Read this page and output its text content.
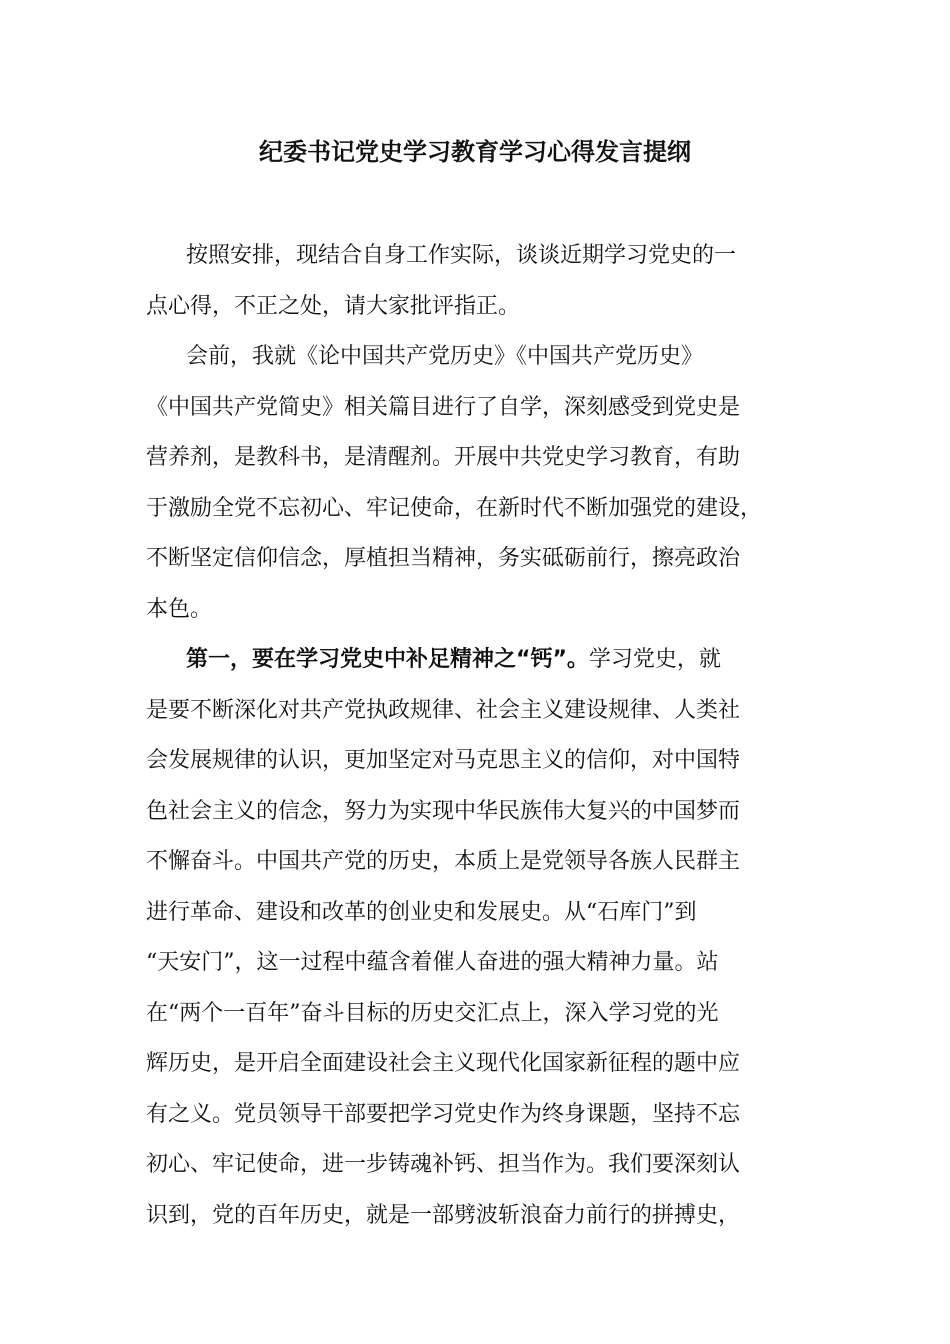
纪委书记党史学习教育学习心得发言提纲
按照安排，现结合自身工作实际，谈谈近期学习党史的一
点心得，不正之处，请大家批评指正。
会前，我就《论中国共产党历史》《中国共产党历史》
《中国共产党简史》相关篇目进行了自学，深刻感受到党史是
营养剂，是教科书，是清醒剂。开展中共党史学习教育，有助
于激励全党不忘初心、牢记使命，在新时代不断加强党的建设，
不断坚定信仰信念，厚植担当精神，务实砥砺前行，擦亮政治
本色。
第一，要在学习党史中补足精神之“钙”。学习党史，就
是要不断深化对共产党执政规律、社会主义建设规律、人类社
会发展规律的认识，更加坚定对马克思主义的信仰，对中国特
色社会主义的信念，努力为实现中华民族伟大复兴的中国梦而
不懈奋斗。中国共产党的历史，本质上是党领导各族人民群主
进行革命、建设和改革的创业史和发展史。从“石库门”到
“天安门”，这一过程中蕴含着催人奋进的强大精神力量。站
在“两个一百年”奋斗目标的历史交汇点上，深入学习党的光
辉历史，是开启全面建设社会主义现代化国家新征程的题中应
有之义。党员领导干部要把学习党史作为终身课题，坚持不忘
初心、牢记使命，进一步铸魂补钙、担当作为。我们要深刻认
识到，党的百年历史，就是一部劈波斩浪奋力前行的拼搏史，
